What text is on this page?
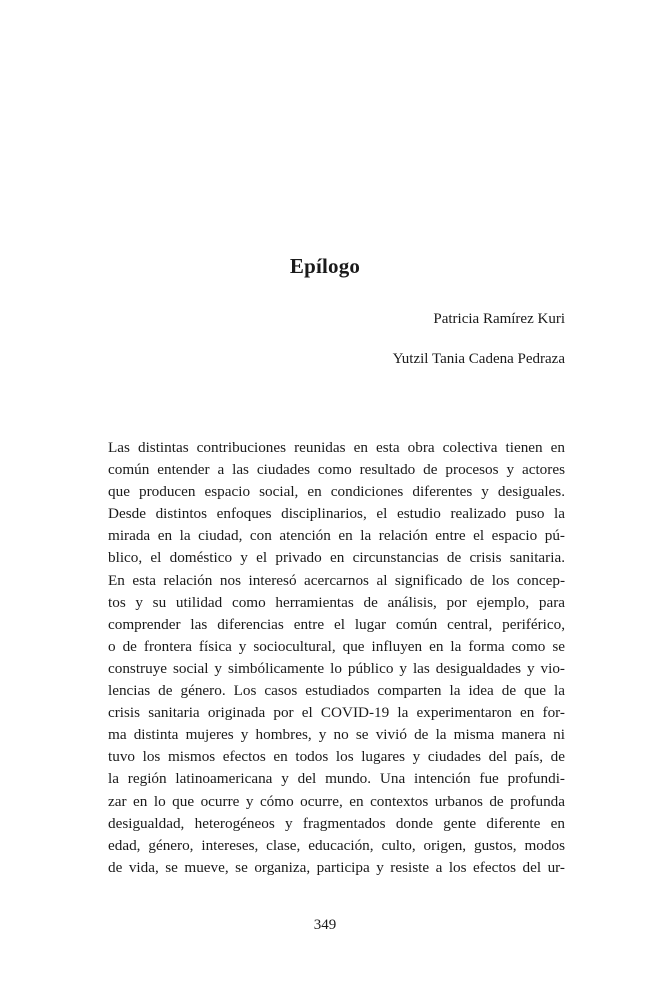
Epílogo
Patricia Ramírez Kuri
Yutzil Tania Cadena Pedraza

Las distintas contribuciones reunidas en esta obra colectiva tienen en
común entender a las ciudades como resultado de procesos y actores
que producen espacio social, en condiciones diferentes y desiguales.
Desde distintos enfoques disciplinarios, el estudio realizado puso la
mirada en la ciudad, con atención en la relación entre el espacio pú-
blico, el doméstico y el privado en circunstancias de crisis sanitaria.
En esta relación nos interesó acercarnos al significado de los concep-
tos y su utilidad como herramientas de análisis, por ejemplo, para
comprender las diferencias entre el lugar común central, periférico,
o de frontera física y sociocultural, que influyen en la forma como se
construye social y simbólicamente lo público y las desigualdades y vio-
lencias de género. Los casos estudiados comparten la idea de que la
crisis sanitaria originada por el COVID-19 la experimentaron en for-
ma distinta mujeres y hombres, y no se vivió de la misma manera ni
tuvo los mismos efectos en todos los lugares y ciudades del país, de
la región latinoamericana y del mundo. Una intención fue profundi-
zar en lo que ocurre y cómo ocurre, en contextos urbanos de profunda
desigualdad, heterogéneos y fragmentados donde gente diferente en
edad, género, intereses, clase, educación, culto, origen, gustos, modos
de vida, se mueve, se organiza, participa y resiste a los efectos del ur-

349
